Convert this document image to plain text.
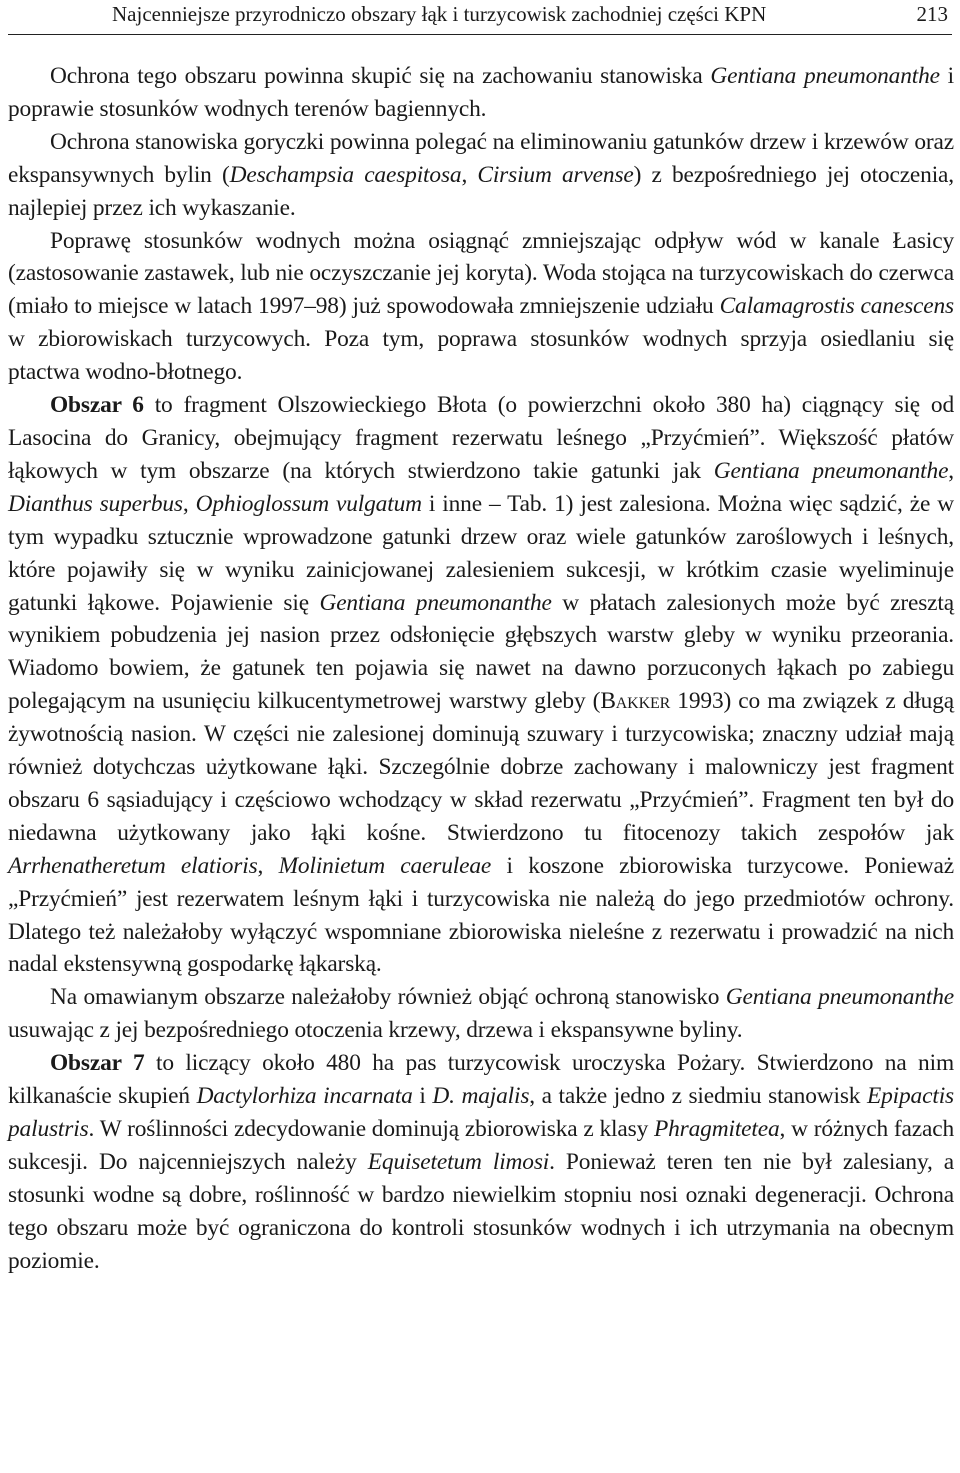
Najcenniejsze przyrodniczo obszary łąk i turzycowisk zachodniej części KPN	213

Ochrona tego obszaru powinna skupić się na zachowaniu stanowiska Gentiana pneumonanthe i poprawie stosunków wodnych terenów bagiennych.

Ochrona stanowiska goryczki powinna polegać na eliminowaniu gatunków drzew i krzewów oraz ekspansywnych bylin (Deschampsia caespitosa, Cirsium arvense) z bezpośredniego jej otoczenia, najlepiej przez ich wykaszanie.

Poprawę stosunków wodnych można osiągnąć zmniejszając odpływ wód w kanale Łasicy (zastosowanie zastawek, lub nie oczyszczanie jej koryta). Woda stojąca na turzycowiskach do czerwca (miało to miejsce w latach 1997–98) już spowodowała zmniejszenie udziału Calamagrostis canescens w zbiorowiskach turzycowych. Poza tym, poprawa stosunków wodnych sprzyja osiedlaniu się ptactwa wodno-błotnego.

Obszar 6 to fragment Olszowieckiego Błota (o powierzchni około 380 ha) ciągnący się od Lasocina do Granicy, obejmujący fragment rezerwatu leśnego „Przyćmień”. Większość płatów łąkowych w tym obszarze (na których stwierdzono takie gatunki jak Gentiana pneumonanthe, Dianthus superbus, Ophioglossum vulgatum i inne – Tab. 1) jest zalesiona. Można więc sądzić, że w tym wypadku sztucznie wprowadzone gatunki drzew oraz wiele gatunków zaroślowych i leśnych, które pojawiły się w wyniku zainicjowanej zalesieniem sukcesji, w krótkim czasie wyeliminuje gatunki łąkowe. Pojawienie się Gentiana pneumonanthe w płatach zalesionych może być zresztą wynikiem pobudzenia jej nasion przez odsłonięcie głębszych warstw gleby w wyniku przeorania. Wiadomo bowiem, że gatunek ten pojawia się nawet na dawno porzuconych łąkach po zabiegu polegającym na usunięciu kilkucentymetrowej warstwy gleby (Bakker 1993) co ma związek z długą żywotnością nasion. W części nie zalesionej dominują szuwary i turzycowiska; znaczny udział mają również dotychczas użytkowane łąki. Szczególnie dobrze zachowany i malowniczy jest fragment obszaru 6 sąsiadujący i częściowo wchodzący w skład rezerwatu „Przyćmień”. Fragment ten był do niedawna użytkowany jako łąki kośne. Stwierdzono tu fitocenozy takich zespołów jak Arrhenatheretum elatioris, Molinietum caeruleae i koszone zbiorowiska turzycowe. Ponieważ „Przyćmień” jest rezerwatem leśnym łąki i turzycowiska nie należą do jego przedmiotów ochrony. Dlatego też należałoby wyłączyć wspomniane zbiorowiska nieleśne z rezerwatu i prowadzić na nich nadal ekstensywną gospodarkę łąkarską.

Na omawianym obszarze należałoby również objąć ochroną stanowisko Gentiana pneumonanthe usuwając z jej bezpośredniego otoczenia krzewy, drzewa i ekspansywne byliny.

Obszar 7 to liczący około 480 ha pas turzycowisk uroczyska Pożary. Stwierdzono na nim kilkanaście skupień Dactylorhiza incarnata i D. majalis, a także jedno z siedmiu stanowisk Epipactis palustris. W roślinności zdecydowanie dominują zbiorowiska z klasy Phragmitetea, w różnych fazach sukcesji. Do najcenniejszych należy Equisetetum limosi. Ponieważ teren ten nie był zalesiany, a stosunki wodne są dobre, roślinność w bardzo niewielkim stopniu nosi oznaki degeneracji. Ochrona tego obszaru może być ograniczona do kontroli stosunków wodnych i ich utrzymania na obecnym poziomie.
